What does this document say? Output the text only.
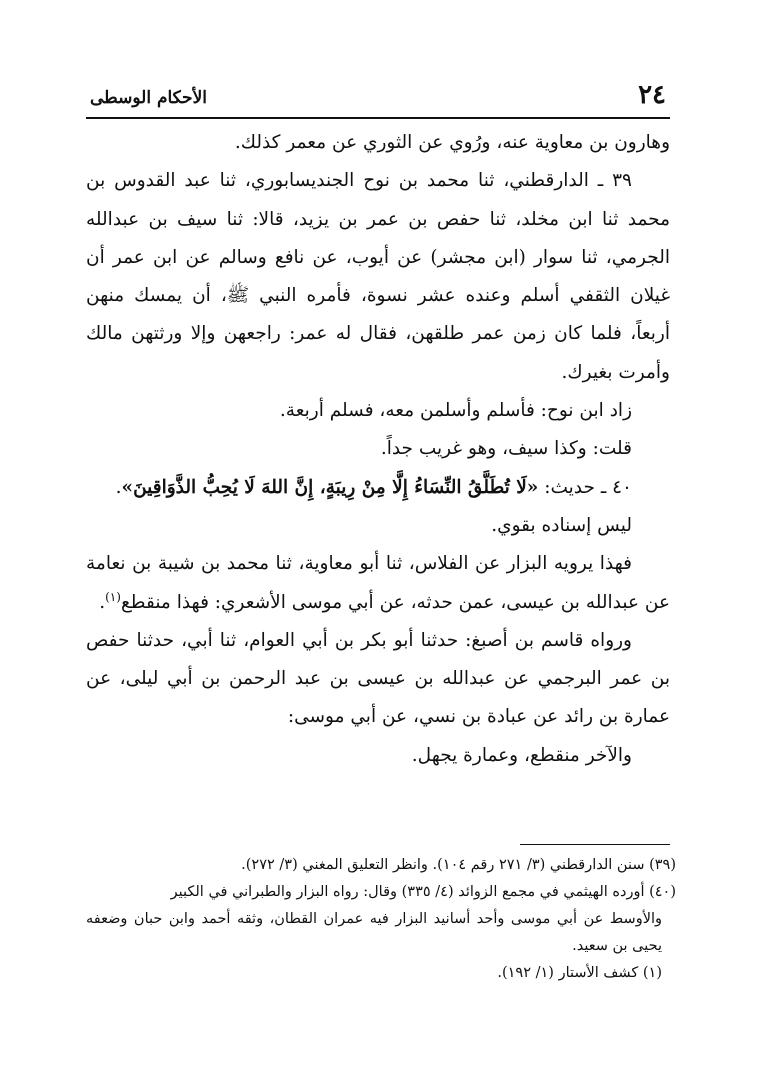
٢٤
الأحكام الوسطى

وهارون بن معاوية عنه، ورُوي عن الثوري عن معمر كذلك.

٣٩ ـ الدارقطني، ثنا محمد بن نوح الجنديسابوري، ثنا عبد القدوس بن محمد ثنا ابن مخلد، ثنا حفص بن عمر بن يزيد، قالا: ثنا سيف بن عبدالله الجرمي، ثنا سوار (ابن مجشر) عن أيوب، عن نافع وسالم عن ابن عمر أن غيلان الثقفي أسلم وعنده عشر نسوة، فأمره النبي ﷺ، أن يمسك منهن أربعاً، فلما كان زمن عمر طلقهن، فقال له عمر: راجعهن وإلا ورثتهن مالك وأمرت بغيرك.

زاد ابن نوح: فأسلم وأسلمن معه، فسلم أربعة.

قلت: وكذا سيف، وهو غريب جداً.

٤٠ ـ حديث: «لَا تُطَلَّقُ النِّسَاءُ إِلَّا مِنْ رِيبَةٍ، إِنَّ اللهَ لَا يُحِبُّ الذَّوَاقِينَ».

ليس إسناده بقوي.

فهذا يرويه البزار عن الفلاس، ثنا أبو معاوية، ثنا محمد بن شيبة بن نعامة عن عبدالله بن عيسى، عمن حدثه، عن أبي موسى الأشعري: فهذا منقطع$^{(١)}$.

ورواه قاسم بن أصبغ: حدثنا أبو بكر بن أبي العوام، ثنا أبي، حدثنا حفص بن عمر البرجمي عن عبدالله بن عيسى بن عبد الرحمن بن أبي ليلى، عن عمارة بن رائد عن عبادة بن نسي، عن أبي موسى:

والآخر منقطع، وعمارة يجهل.

(٣٩) سنن الدارقطني (٣/ ٢٧١ رقم ١٠٤). وانظر التعليق المغني (٣/ ٢٧٢).

(٤٠) أورده الهيثمي في مجمع الزوائد (٤/ ٣٣٥) وقال: رواه البزار والطبراني في الكبير

والأوسط عن أبي موسى وأحد أسانيد البزار فيه عمران القطان، وثقه أحمد وابن حبان وضعفه يحيى بن سعيد.

(١) كشف الأستار (١/ ١٩٢).
